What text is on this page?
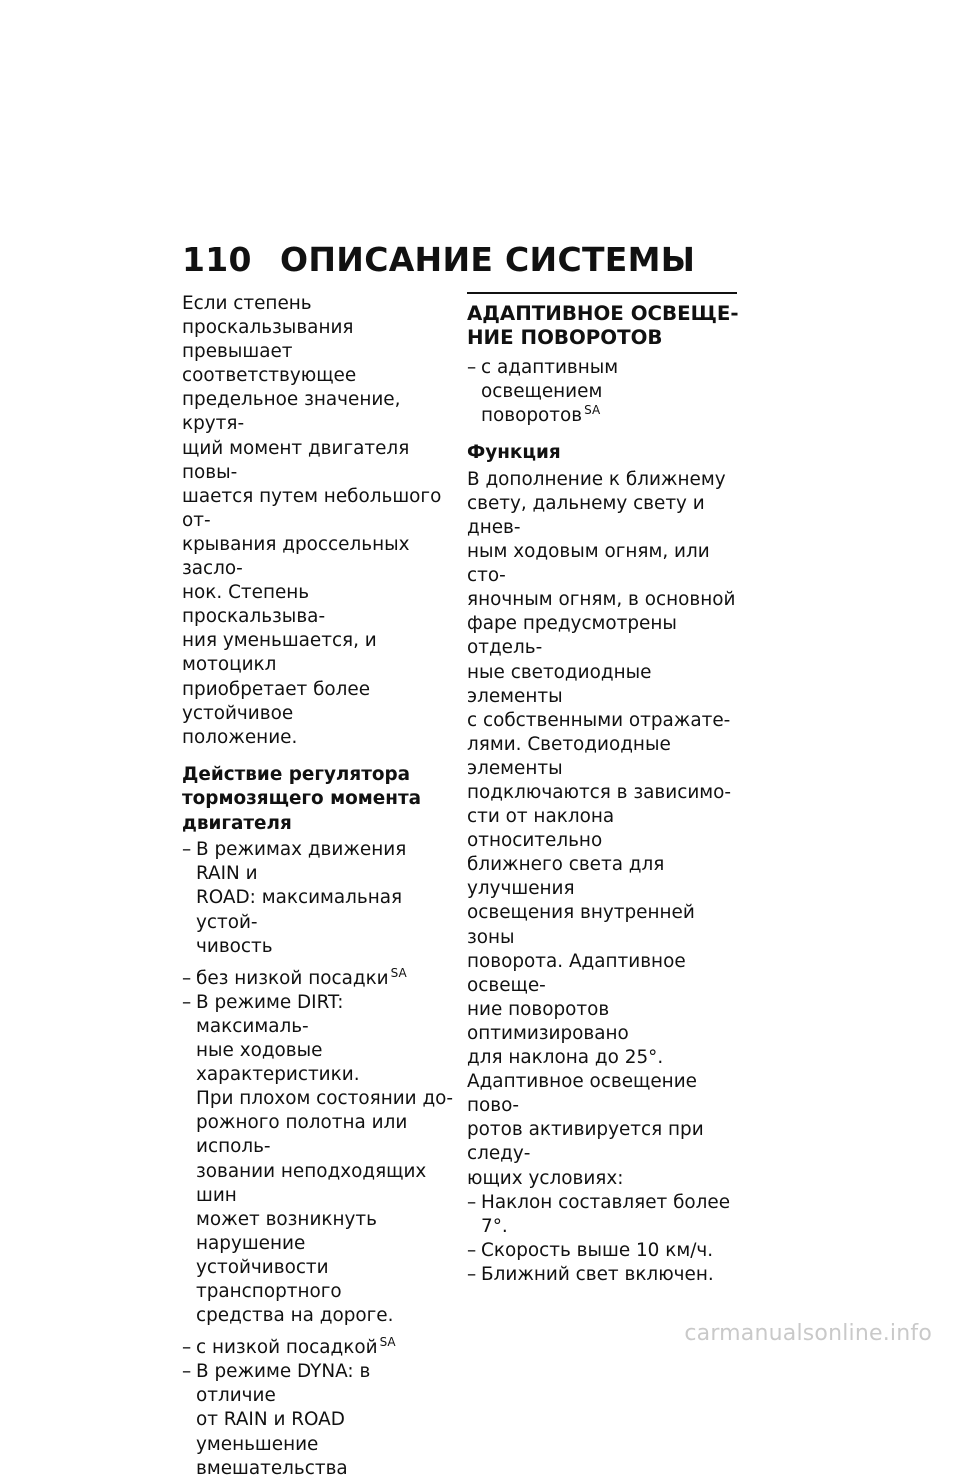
110 ОПИСАНИЕ СИСТЕМЫ
Если степень проскальзывания
превышает соответствующее
предельное значение, крутя-
щий момент двигателя повы-
шается путем небольшого от-
крывания дроссельных засло-
нок. Степень проскальзыва-
ния уменьшается, и мотоцикл
приобретает более устойчивое
положение.
Действие регулятора
тормозящего момента
двигателя
– В режимах движения RAIN и
ROAD: максимальная устой-
чивость
– без низкой посадки $^{SA}$
– В режиме DIRT: максималь-
ные ходовые характеристики.
При плохом состоянии до-
рожного полотна или исполь-
зовании неподходящих шин
может возникнуть нарушение
устойчивости транспортного
средства на дороге.
– с низкой посадкой $^{SA}$
– В режиме DYNA: в отличие
от RAIN и ROAD уменьшение
вмешательства
АДАПТИВНОЕ ОСВЕЩЕ-
НИЕ ПОВОРОТОВ
– с адаптивным освещением
поворотов $^{SA}$
Функция
В дополнение к ближнему
свету, дальнему свету и днев-
ным ходовым огням, или сто-
яночным огням, в основной
фаре предусмотрены отдель-
ные светодиодные элементы
с собственными отражате-
лями. Светодиодные элементы
подключаются в зависимо-
сти от наклона относительно
ближнего света для улучшения
освещения внутренней зоны
поворота. Адаптивное освеще-
ние поворотов оптимизировано
для наклона до 25°.
Адаптивное освещение пово-
ротов активируется при следу-
ющих условиях:
– Наклон составляет более 7°.
– Скорость выше 10 км/ч.
– Ближний свет включен.
carmanualsonline.info
